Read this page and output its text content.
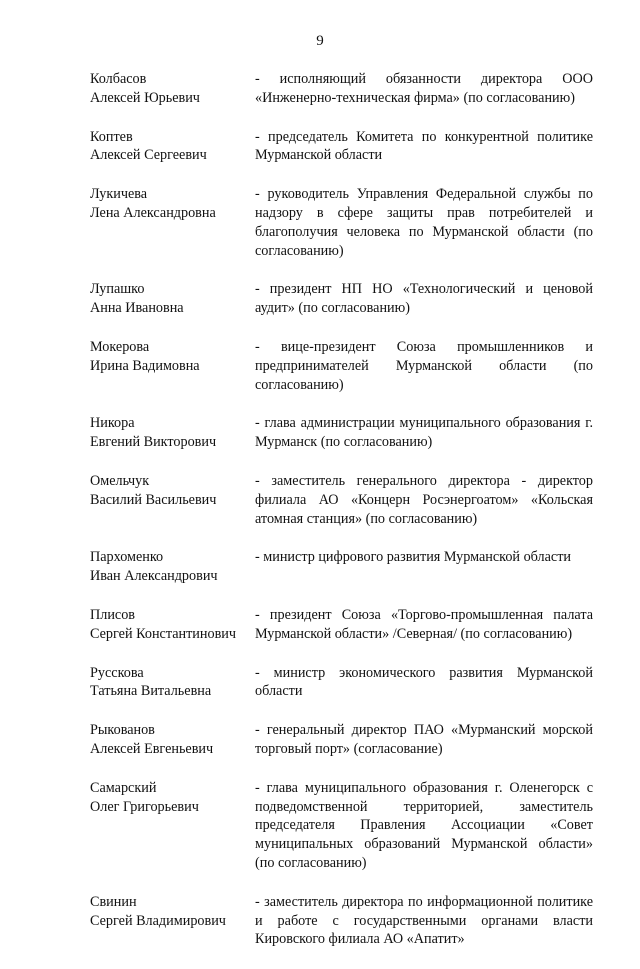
9
Колбасов
Алексей Юрьевич
- исполняющий обязанности директора ООО «Инженерно-техническая фирма» (по согласованию)
Коптев
Алексей Сергеевич
- председатель Комитета по конкурентной политике Мурманской области
Лукичева
Лена Александровна
- руководитель Управления Федеральной службы по надзору в сфере защиты прав потребителей и благополучия человека по Мурманской области (по согласованию)
Лупашко
Анна Ивановна
- президент НП НО «Технологический и ценовой аудит» (по согласованию)
Мокерова
Ирина Вадимовна
- вице-президент Союза промышленников и предпринимателей Мурманской области (по согласованию)
Никора
Евгений Викторович
- глава администрации муниципального образования г. Мурманск (по согласованию)
Омельчук
Василий Васильевич
- заместитель генерального директора - директор филиала АО «Концерн Росэнергоатом» «Кольская атомная станция» (по согласованию)
Пархоменко
Иван Александрович
- министр цифрового развития Мурманской области
Плисов
Сергей Константинович
- президент Союза «Торгово-промышленная палата Мурманской области» /Северная/ (по согласованию)
Русскова
Татьяна Витальевна
- министр экономического развития Мурманской области
Рыкованов
Алексей Евгеньевич
- генеральный директор ПАО «Мурманский морской торговый порт» (согласование)
Самарский
Олег Григорьевич
- глава муниципального образования г. Оленегорск с подведомственной территорией, заместитель председателя Правления Ассоциации «Совет муниципальных образований Мурманской области» (по согласованию)
Свинин
Сергей Владимирович
- заместитель директора по информационной политике и работе с государственными органами власти Кировского филиала АО «Апатит»
